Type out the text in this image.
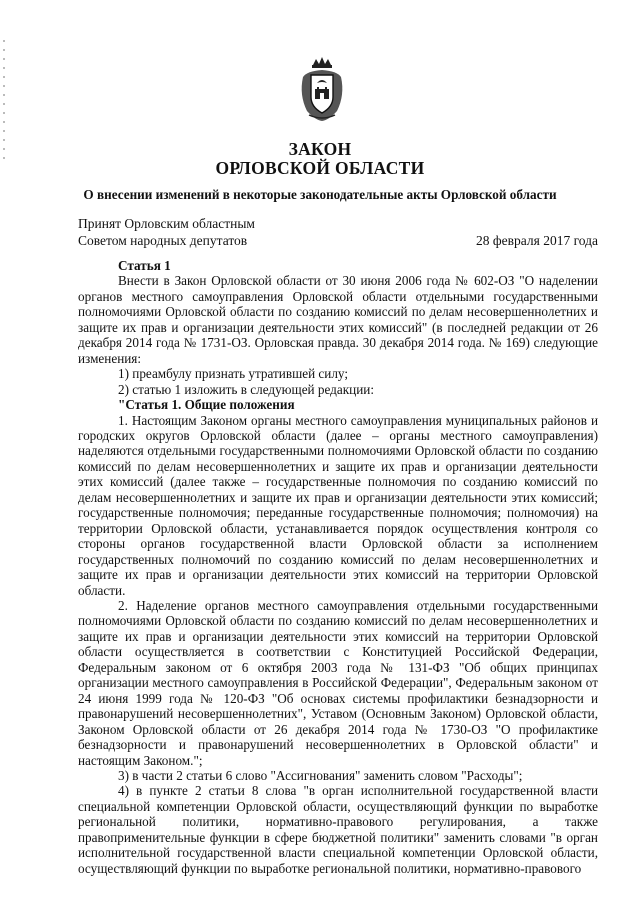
ЗАКОН
ОРЛОВСКОЙ ОБЛАСТИ
О внесении изменений в некоторые законодательные акты Орловской области
Принят Орловским областным
Советом народных депутатов	28 февраля 2017 года

Статья 1

Внести в Закон Орловской области от 30 июня 2006 года № 602-ОЗ "О наделении органов местного самоуправления Орловской области отдельными государственными полномочиями Орловской области по созданию комиссий по делам несовершеннолетних и защите их прав и организации деятельности этих комиссий" (в последней редакции от 26 декабря 2014 года № 1731-ОЗ. Орловская правда. 30 декабря 2014 года. № 169) следующие изменения:

1) преамбулу признать утратившей силу;

2) статью 1 изложить в следующей редакции:

"Статья 1. Общие положения

1. Настоящим Законом органы местного самоуправления муниципальных районов и городских округов Орловской области (далее – органы местного самоуправления) наделяются отдельными государственными полномочиями Орловской области по созданию комиссий по делам несовершеннолетних и защите их прав и организации деятельности этих комиссий (далее также – государственные полномочия по созданию комиссий по делам несовершеннолетних и защите их прав и организации деятельности этих комиссий; государственные полномочия; переданные государственные полномочия; полномочия) на территории Орловской области, устанавливается порядок осуществления контроля со стороны органов государственной власти Орловской области за исполнением государственных полномочий по созданию комиссий по делам несовершеннолетних и защите их прав и организации деятельности этих комиссий на территории Орловской области.

2. Наделение органов местного самоуправления отдельными государственными полномочиями Орловской области по созданию комиссий по делам несовершеннолетних и защите их прав и организации деятельности этих комиссий на территории Орловской области осуществляется в соответствии с Конституцией Российской Федерации, Федеральным законом от 6 октября 2003 года № 131-ФЗ "Об общих принципах организации местного самоуправления в Российской Федерации", Федеральным законом от 24 июня 1999 года № 120-ФЗ "Об основах системы профилактики безнадзорности и правонарушений несовершеннолетних", Уставом (Основным Законом) Орловской области, Законом Орловской области от 26 декабря 2014 года № 1730-ОЗ "О профилактике безнадзорности и правонарушений несовершеннолетних в Орловской области" и настоящим Законом.";

3) в части 2 статьи 6 слово "Ассигнования" заменить словом "Расходы";

4) в пункте 2 статьи 8 слова "в орган исполнительной государственной власти специальной компетенции Орловской области, осуществляющий функции по выработке региональной политики, нормативно-правового регулирования, а также правоприменительные функции в сфере бюджетной политики" заменить словами "в орган исполнительной государственной власти специальной компетенции Орловской области, осуществляющий функции по выработке региональной политики, нормативно-правового
